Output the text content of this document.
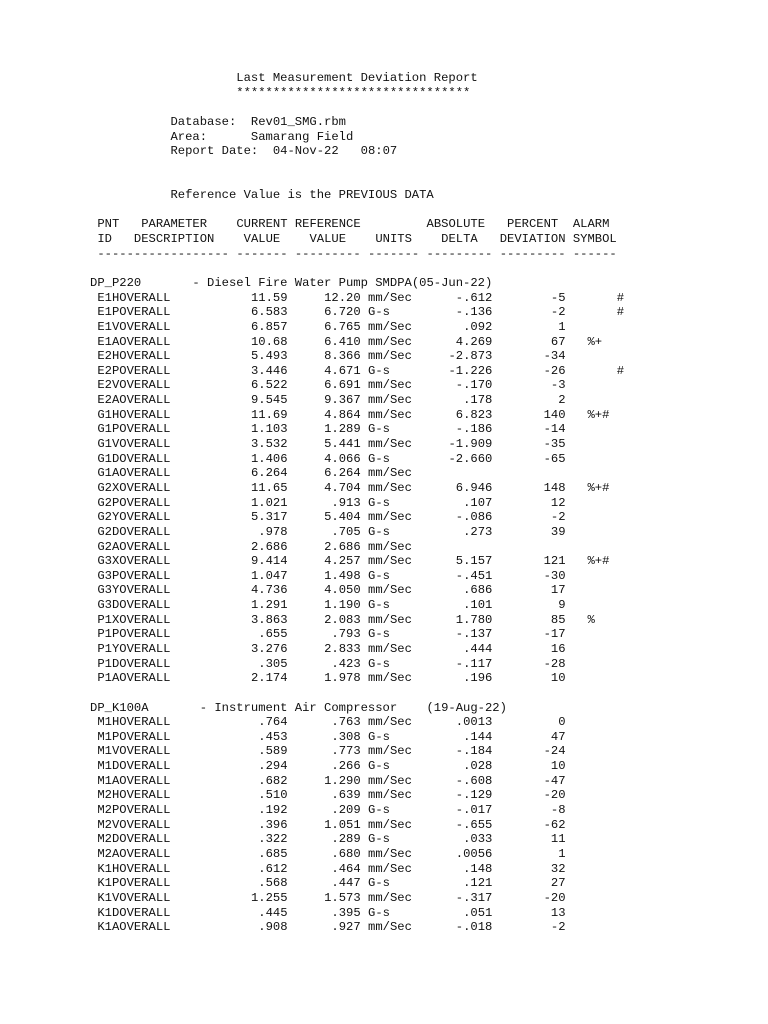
Last Measurement Deviation Report
********************************
Database: Rev01_SMG.rbm
Area:	Samarang Field
Report Date: 04-Nov-22 08:07
Reference Value is the PREVIOUS DATA
PNT PARAMETER CURRENT REFERENCE	ABSOLUTE PERCENT ALARM
ID DESCRIPTION VALUE VALUE UNITS DELTA DEVIATION SYMBOL
------------------ ------- --------- ------- --------- --------- ------
DP_P220	- Diesel Fire Water Pump SMDPA(05-Jun-22)
E1HOVERALL	11.59	12.20 mm/Sec	-.612	-5	#
E1POVERALL	6.583	6.720 G-s	-.136	-2	#
E1VOVERALL	6.857	6.765 mm/Sec	.092	1
E1AOVERALL	10.68	6.410 mm/Sec	4.269	67 %+
E2HOVERALL	5.493	8.366 mm/Sec	-2.873	-34
E2POVERALL	3.446	4.671 G-s	-1.226	-26	#
E2VOVERALL	6.522	6.691 mm/Sec	-.170	-3
E2AOVERALL	9.545	9.367 mm/Sec	.178	2
G1HOVERALL	11.69	4.864 mm/Sec	6.823	140 %+#
G1POVERALL	1.103	1.289 G-s	-.186	-14
G1VOVERALL	3.532	5.441 mm/Sec	-1.909	-35
G1DOVERALL	1.406	4.066 G-s	-2.660	-65
G1AOVERALL	6.264	6.264 mm/Sec
G2XOVERALL	11.65	4.704 mm/Sec	6.946	148 %+#
G2POVERALL	1.021	.913 G-s	.107	12
G2YOVERALL	5.317	5.404 mm/Sec	-.086	-2
G2DOVERALL	.978	.705 G-s	.273	39
G2AOVERALL	2.686	2.686 mm/Sec
G3XOVERALL	9.414	4.257 mm/Sec	5.157	121 %+#
G3POVERALL	1.047	1.498 G-s	-.451	-30
G3YOVERALL	4.736	4.050 mm/Sec	.686	17
G3DOVERALL	1.291	1.190 G-s	.101	9
P1XOVERALL	3.863	2.083 mm/Sec	1.780	85 %
P1POVERALL	.655	.793 G-s	-.137	-17
P1YOVERALL	3.276	2.833 mm/Sec	.444	16
P1DOVERALL	.305	.423 G-s	-.117	-28
P1AOVERALL	2.174	1.978 mm/Sec	.196	10
DP_K100A	- Instrument Air Compressor (19-Aug-22)
M1HOVERALL	.764	.763 mm/Sec	.0013	0
M1POVERALL	.453	.308 G-s	.144	47
M1VOVERALL	.589	.773 mm/Sec	-.184	-24
M1DOVERALL	.294	.266 G-s	.028	10
M1AOVERALL	.682	1.290 mm/Sec	-.608	-47
M2HOVERALL	.510	.639 mm/Sec	-.129	-20
M2POVERALL	.192	.209 G-s	-.017	-8
M2VOVERALL	.396	1.051 mm/Sec	-.655	-62
M2DOVERALL	.322	.289 G-s	.033	11
M2AOVERALL	.685	.680 mm/Sec	.0056	1
K1HOVERALL	.612	.464 mm/Sec	.148	32
K1POVERALL	.568	.447 G-s	.121	27
K1VOVERALL	1.255	1.573 mm/Sec	-.317	-20
K1DOVERALL	.445	.395 G-s	.051	13
K1AOVERALL	.908	.927 mm/Sec	-.018	-2
